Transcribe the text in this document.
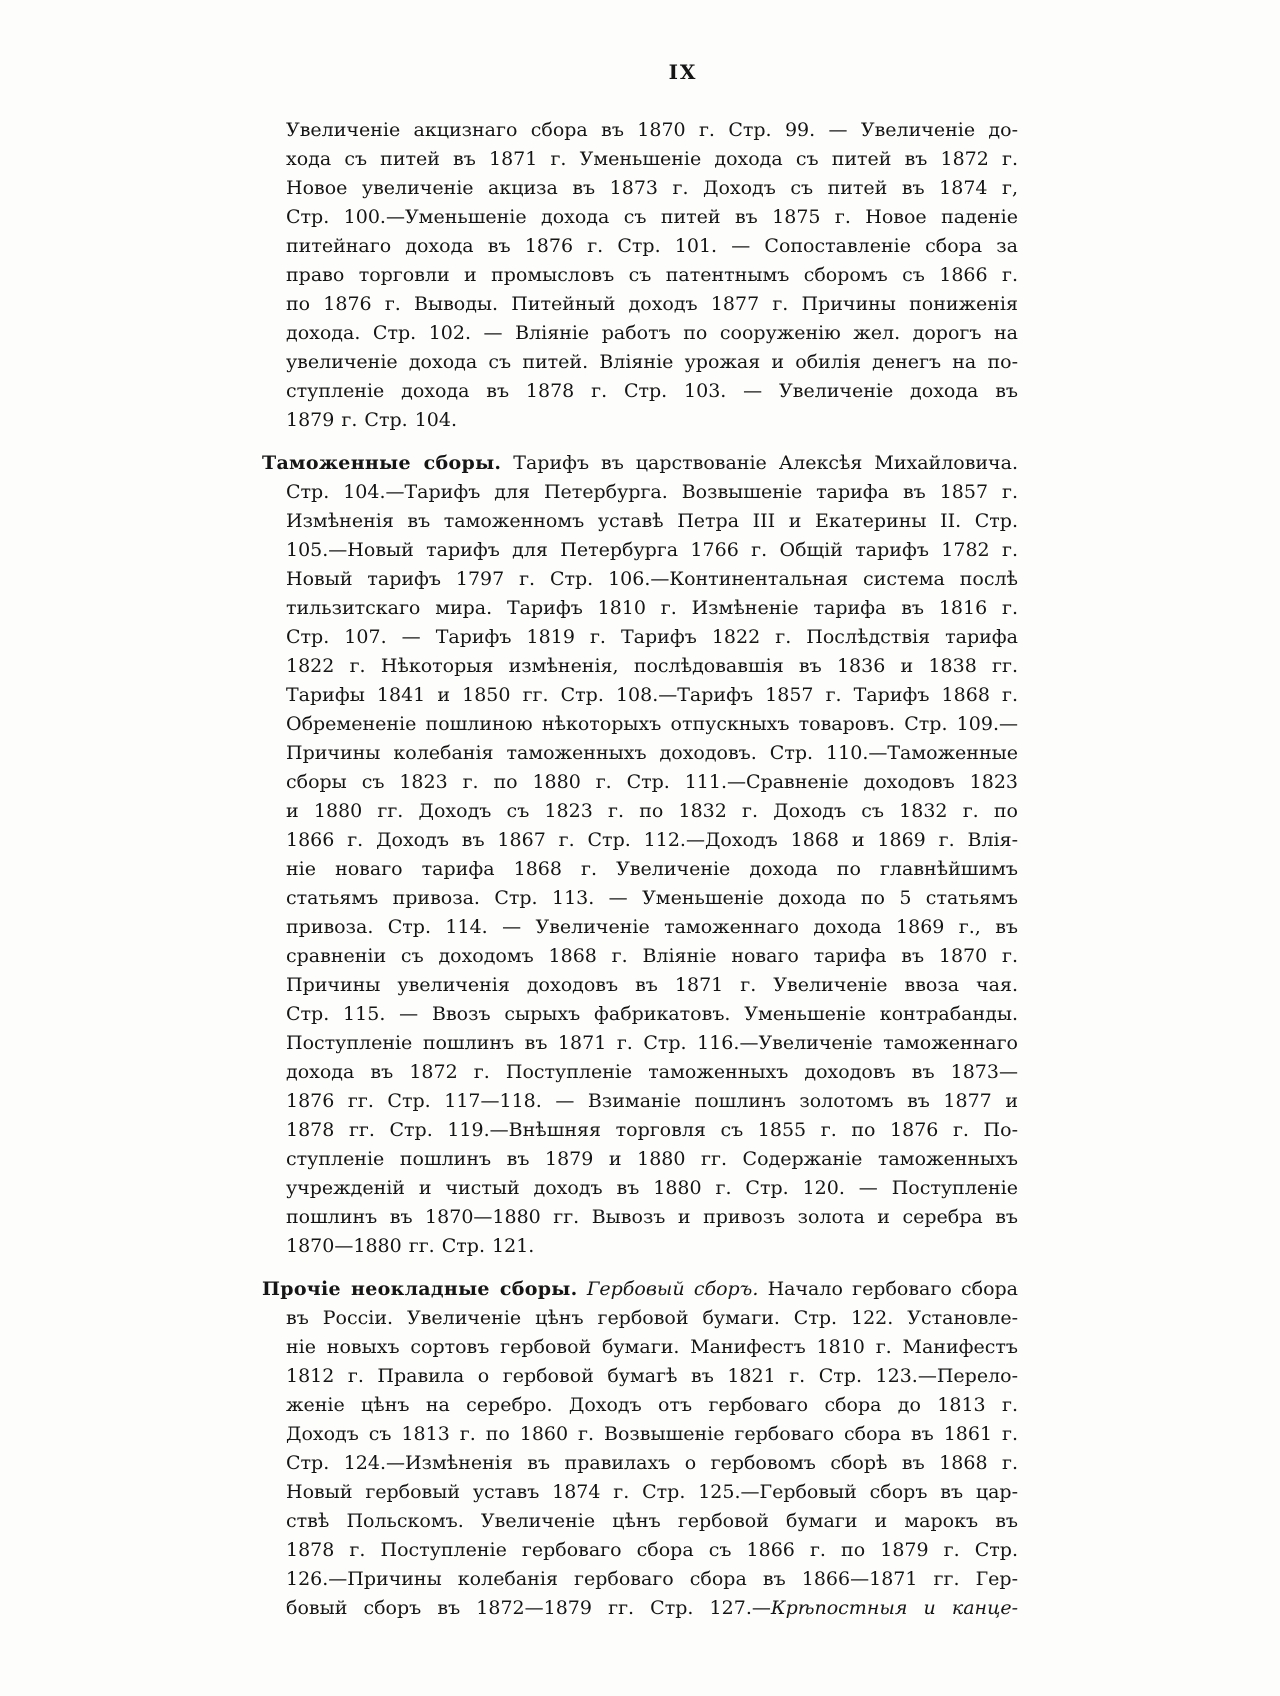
IX
Увеличеніе акцизнаго сбора въ 1870 г. Стр. 99. — Увеличеніе до-
хода съ питей въ 1871 г. Уменьшеніе дохода съ питей въ 1872 г.
Новое увеличеніе акциза въ 1873 г. Доходъ съ питей въ 1874 г,
Стр. 100.—Уменьшеніе дохода съ питей въ 1875 г. Новое паденіе
питейнаго дохода въ 1876 г. Стр. 101. — Сопоставленіе сбора за
право торговли и промысловъ съ патентнымъ сборомъ съ 1866 г.
по 1876 г. Выводы. Питейный доходъ 1877 г. Причины пониженія
дохода. Стр. 102. — Вліяніе работъ по сооруженію жел. дорогъ на
увеличеніе дохода съ питей. Вліяніе урожая и обилія денегъ на по-
ступленіе дохода въ 1878 г. Стр. 103. — Увеличеніе дохода въ
1879 г. Стр. 104.
Таможенные сборы. Тарифъ въ царствованіе Алексѣя Михайловича.
Стр. 104.—Тарифъ для Петербурга. Возвышеніе тарифа въ 1857 г.
Измѣненія въ таможенномъ уставѣ Петра III и Екатерины II. Стр.
105.—Новый тарифъ для Петербурга 1766 г. Общій тарифъ 1782 г.
Новый тарифъ 1797 г. Стр. 106.—Континентальная система послѣ
тильзитскаго мира. Тарифъ 1810 г. Измѣненіе тарифа въ 1816 г.
Стр. 107. — Тарифъ 1819 г. Тарифъ 1822 г. Послѣдствія тарифа
1822 г. Нѣкоторыя измѣненія, послѣдовавшія въ 1836 и 1838 гг.
Тарифы 1841 и 1850 гг. Стр. 108.—Тарифъ 1857 г. Тарифъ 1868 г.
Обремененіе пошлиною нѣкоторыхъ отпускныхъ товаровъ. Стр. 109.—
Причины колебанія таможенныхъ доходовъ. Стр. 110.—Таможенные
сборы съ 1823 г. по 1880 г. Стр. 111.—Сравненіе доходовъ 1823
и 1880 гг. Доходъ съ 1823 г. по 1832 г. Доходъ съ 1832 г. по
1866 г. Доходъ въ 1867 г. Стр. 112.—Доходъ 1868 и 1869 г. Влія-
ніе новаго тарифа 1868 г. Увеличеніе дохода по главнѣйшимъ
статьямъ привоза. Стр. 113. — Уменьшеніе дохода по 5 статьямъ
привоза. Стр. 114. — Увеличеніе таможеннаго дохода 1869 г., въ
сравненіи съ доходомъ 1868 г. Вліяніе новаго тарифа въ 1870 г.
Причины увеличенія доходовъ въ 1871 г. Увеличеніе ввоза чая.
Стр. 115. — Ввозъ сырыхъ фабрикатовъ. Уменьшеніе контрабанды.
Поступленіе пошлинъ въ 1871 г. Стр. 116.—Увеличеніе таможеннаго
дохода въ 1872 г. Поступленіе таможенныхъ доходовъ въ 1873—
1876 гг. Стр. 117—118. — Взиманіе пошлинъ золотомъ въ 1877 и
1878 гг. Стр. 119.—Внѣшняя торговля съ 1855 г. по 1876 г. По-
ступленіе пошлинъ въ 1879 и 1880 гг. Содержаніе таможенныхъ
учрежденій и чистый доходъ въ 1880 г. Стр. 120. — Поступленіе
пошлинъ въ 1870—1880 гг. Вывозъ и привозъ золота и серебра въ
1870—1880 гг. Стр. 121.
Прочіе неокладные сборы. Гербовый сборъ. Начало гербоваго сбора
въ Россіи. Увеличеніе цѣнъ гербовой бумаги. Стр. 122. Установле-
ніе новыхъ сортовъ гербовой бумаги. Манифестъ 1810 г. Манифестъ
1812 г. Правила о гербовой бумагѣ въ 1821 г. Стр. 123.—Перело-
женіе цѣнъ на серебро. Доходъ отъ гербоваго сбора до 1813 г.
Доходъ съ 1813 г. по 1860 г. Возвышеніе гербоваго сбора въ 1861 г.
Стр. 124.—Измѣненія въ правилахъ о гербовомъ сборѣ въ 1868 г.
Новый гербовый уставъ 1874 г. Стр. 125.—Гербовый сборъ въ цар-
ствѣ Польскомъ. Увеличеніе цѣнъ гербовой бумаги и марокъ въ
1878 г. Поступленіе гербоваго сбора съ 1866 г. по 1879 г. Стр.
126.—Причины колебанія гербоваго сбора въ 1866—1871 гг. Гер-
бовый сборъ въ 1872—1879 гг. Стр. 127.—Крѣпостныя и канце-
